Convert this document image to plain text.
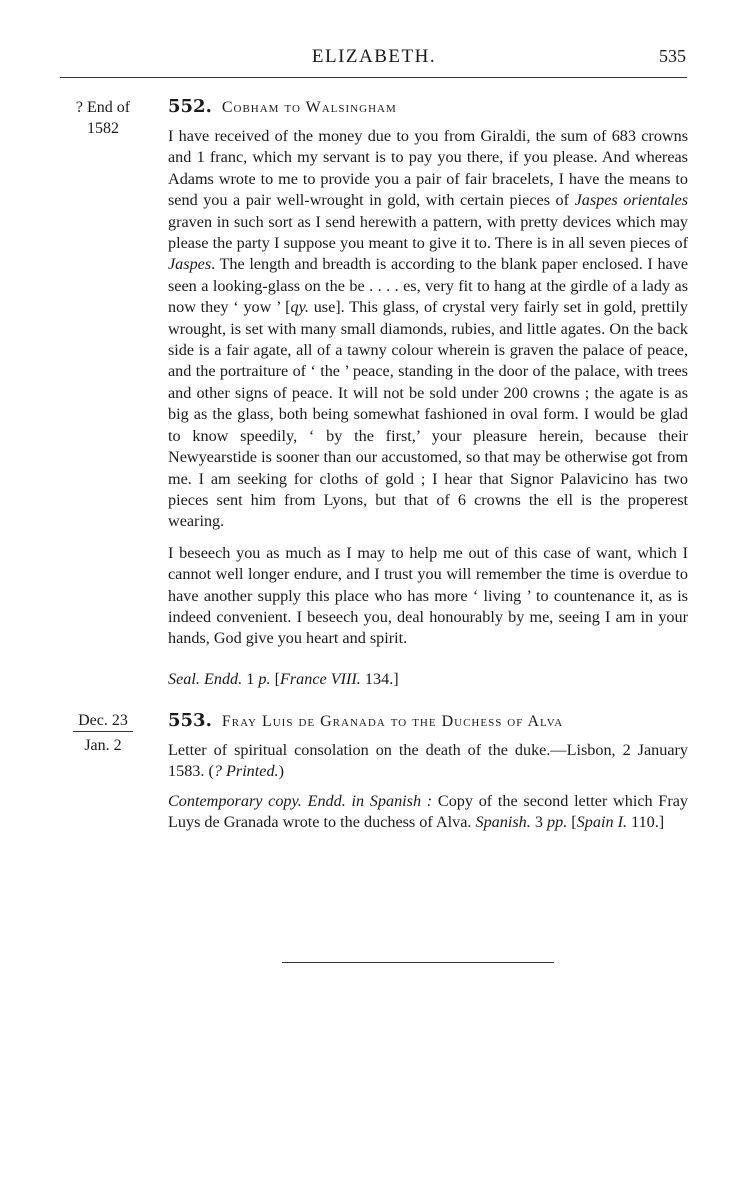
ELIZABETH.	535
? End of
1582
552. Cobham to Walsingham

I have received of the money due to you from Giraldi, the sum of 683 crowns and 1 franc, which my servant is to pay you there, if you please. And whereas Adams wrote to me to provide you a pair of fair bracelets, I have the means to send you a pair well-wrought in gold, with certain pieces of Jaspes orientales graven in such sort as I send herewith a pattern, with pretty devices which may please the party I suppose you meant to give it to. There is in all seven pieces of Jaspes. The length and breadth is according to the blank paper enclosed. I have seen a looking-glass on the be . . . . es, very fit to hang at the girdle of a lady as now they ‘ yow ’ [qy. use]. This glass, of crystal very fairly set in gold, prettily wrought, is set with many small diamonds, rubies, and little agates. On the back side is a fair agate, all of a tawny colour wherein is graven the palace of peace, and the portraiture of ‘ the ’ peace, standing in the door of the palace, with trees and other signs of peace. It will not be sold under 200 crowns ; the agate is as big as the glass, both being somewhat fashioned in oval form. I would be glad to know speedily, ‘ by the first,’ your pleasure herein, because their Newyearstide is sooner than our accustomed, so that may be otherwise got from me. I am seeking for cloths of gold ; I hear that Signor Palavicino has two pieces sent him from Lyons, but that of 6 crowns the ell is the properest wearing.

I beseech you as much as I may to help me out of this case of want, which I cannot well longer endure, and I trust you will remember the time is overdue to have another supply this place who has more ‘ living ’ to countenance it, as is indeed convenient. I beseech you, deal honourably by me, seeing I am in your hands, God give you heart and spirit.

Seal. Endd. 1 p. [France VIII. 134.]
Dec. 23
Jan. 2
553. Fray Luis de Granada to the Duchess of Alva

Letter of spiritual consolation on the death of the duke.—Lisbon, 2 January 1583. (? Printed.)

Contemporary copy. Endd. in Spanish : Copy of the second letter which Fray Luys de Granada wrote to the duchess of Alva. Spanish. 3 pp. [Spain I. 110.]
